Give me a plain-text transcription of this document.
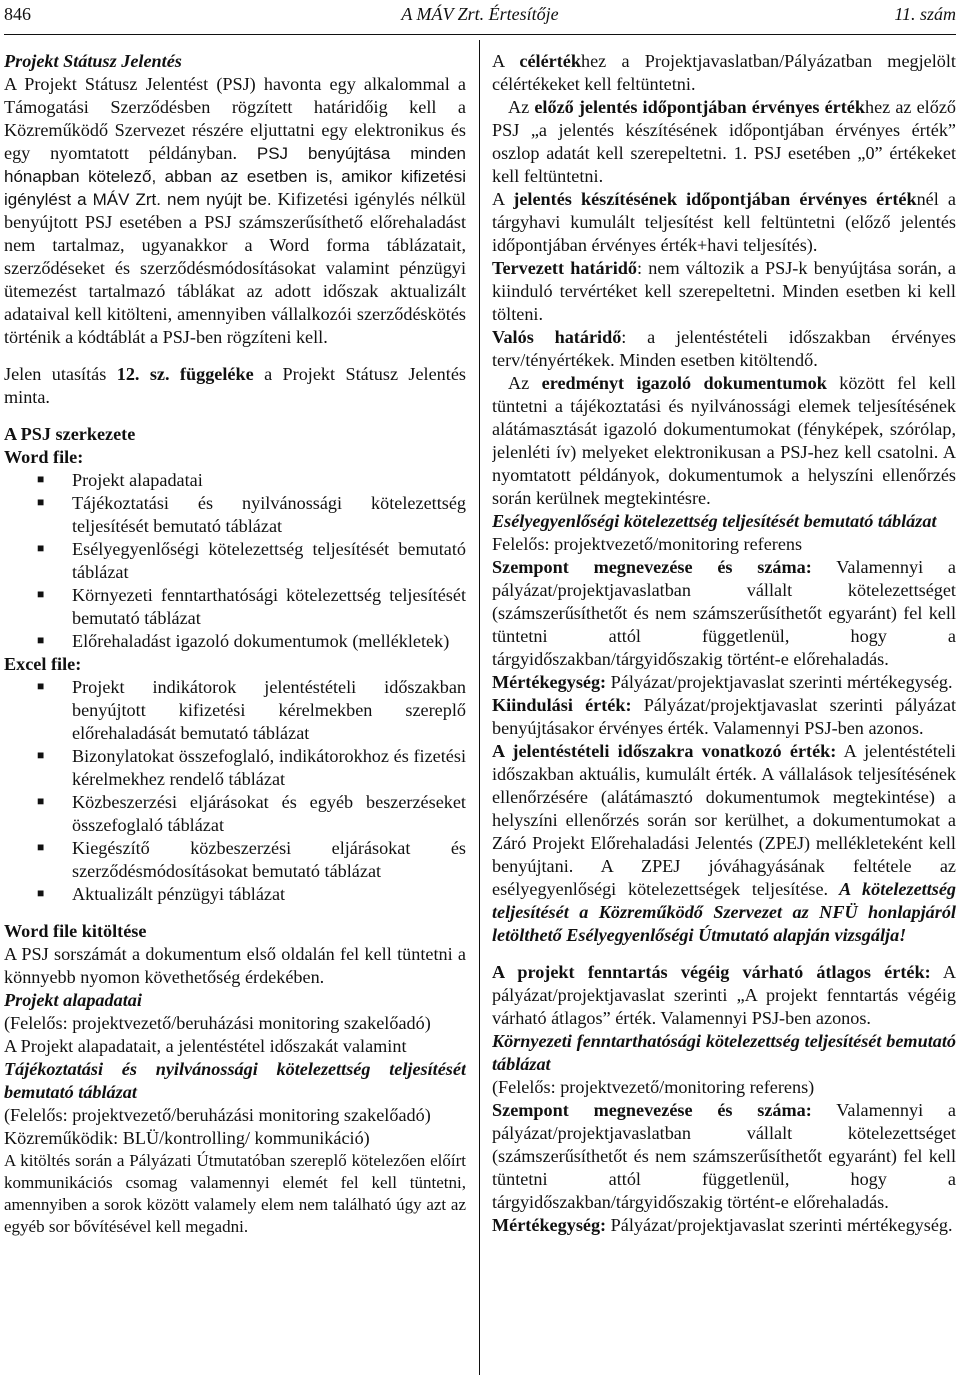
846	A MÁV Zrt. Értesítője	11. szám

Projekt Státusz Jelentés

A Projekt Státusz Jelentést (PSJ) havonta egy alkalommal a Támogatási Szerződésben rögzített határidőig kell a Közreműködő Szervezet részére eljuttatni egy elektronikus és egy nyomtatott példányban. PSJ benyújtása minden hónapban kötelező, abban az esetben is, amikor kifizetési igénylést a MÁV Zrt. nem nyújt be. Kifizetési igénylés nélkül benyújtott PSJ esetében a PSJ számszerűsíthető előrehaladást nem tartalmaz, ugyanakkor a Word forma táblázatait, szerződéseket és szerződésmódosításokat valamint pénzügyi ütemezést tartalmazó táblákat az adott időszak aktualizált adataival kell kitölteni, amennyiben vállalkozói szerződéskötés történik a kódtáblát a PSJ-ben rögzíteni kell.

Jelen utasítás 12. sz. függeléke a Projekt Státusz Jelentés minta.

A PSJ szerkezete

Word file:

■ Projekt alapadatai
■ Tájékoztatási és nyilvánossági kötelezettség teljesítését bemutató táblázat
■ Esélyegyenlőségi kötelezettség teljesítését bemutató táblázat
■ Környezeti fenntarthatósági kötelezettség teljesítését bemutató táblázat
■ Előrehaladást igazoló dokumentumok (mellékletek)

Excel file:

■ Projekt indikátorok jelentéstételi időszakban benyújtott kifizetési kérelmekben szereplő előrehaladását bemutató táblázat
■ Bizonylatokat összefoglaló, indikátorokhoz és fizetési kérelmekhez rendelő táblázat
■ Közbeszerzési eljárásokat és egyéb beszerzéseket összefoglaló táblázat
■ Kiegészítő közbeszerzési eljárásokat és szerződésmódosításokat bemutató táblázat
■ Aktualizált pénzügyi táblázat

Word file kitöltése

A PSJ sorszámát a dokumentum első oldalán fel kell tüntetni a könnyebb nyomon követhetőség érdekében.

Projekt alapadatai

(Felelős: projektvezető/beruházási monitoring szakelőadó)

A Projekt alapadatait, a jelentéstétel időszakát valamint

Tájékoztatási és nyilvánossági kötelezettség teljesítését bemutató táblázat

(Felelős: projektvezető/beruházási monitoring szakelőadó)

Közreműködik: BLÜ/kontrolling/ kommunikáció)

A kitöltés során a Pályázati Útmutatóban szereplő kötelezően előírt kommunikációs csomag valamennyi elemét fel kell tüntetni, amennyiben a sorok között valamely elem nem található úgy azt az egyéb sor bővítésével kell megadni.

A célértékhez a Projektjavaslatban/Pályázatban megjelölt célértékeket kell feltüntetni.

Az előző jelentés időpontjában érvényes értékhez az előző PSJ „a jelentés készítésének időpontjában érvényes érték” oszlop adatát kell szerepeltetni. 1. PSJ esetében „0” értékeket kell feltüntetni.

A jelentés készítésének időpontjában érvényes értéknél a tárgyhavi kumulált teljesítést kell feltüntetni (előző jelentés időpontjában érvényes érték+havi teljesítés).

Tervezett határidő: nem változik a PSJ-k benyújtása során, a kiinduló tervértéket kell szerepeltetni. Minden esetben ki kell tölteni.

Valós határidő: a jelentéstételi időszakban érvényes terv/tényértékek. Minden esetben kitöltendő.

Az eredményt igazoló dokumentumok között fel kell tüntetni a tájékoztatási és nyilvánossági elemek teljesítésének alátámasztását igazoló dokumentumokat (fényképek, szórólap, jelenléti ív) melyeket elektronikusan a PSJ-hez kell csatolni. A nyomtatott példányok, dokumentumok a helyszíni ellenőrzés során kerülnek megtekintésre.

Esélyegyenlőségi kötelezettség teljesítését bemutató táblázat

Felelős: projektvezető/monitoring referens

Szempont megnevezése és száma: Valamennyi a pályázat/projektjavaslatban vállalt kötelezettséget (számszerűsíthetőt és nem számszerűsíthetőt egyaránt) fel kell tüntetni attól függetlenül, hogy a tárgyidőszakban/tárgyidőszakig történt-e előrehaladás.

Mértékegység: Pályázat/projektjavaslat szerinti mértékegység.

Kiindulási érték: Pályázat/projektjavaslat szerinti pályázat benyújtásakor érvényes érték. Valamennyi PSJ-ben azonos.

A jelentéstételi időszakra vonatkozó érték: A jelentéstételi időszakban aktuális, kumulált érték. A vállalások teljesítésének ellenőrzésére (alátámasztó dokumentumok megtekintése) a helyszíni ellenőrzés során sor kerülhet, a dokumentumokat a Záró Projekt Előrehaladási Jelentés (ZPEJ) mellékleteként kell benyújtani. A ZPEJ jóváhagyásának feltétele az esélyegyenlőségi kötelezettségek teljesítése. A kötelezettség teljesítését a Közreműködő Szervezet az NFÜ honlapjáról letölthető Esélyegyenlőségi Útmutató alapján vizsgálja!

A projekt fenntartás végéig várható átlagos érték: A pályázat/projektjavaslat szerinti „A projekt fenntartás végéig várható átlagos” érték. Valamennyi PSJ-ben azonos.

Környezeti fenntarthatósági kötelezettség teljesítését bemutató táblázat

(Felelős: projektvezető/monitoring referens)

Szempont megnevezése és száma: Valamennyi a pályázat/projektjavaslatban vállalt kötelezettséget (számszerűsíthetőt és nem számszerűsíthetőt egyaránt) fel kell tüntetni attól függetlenül, hogy a tárgyidőszakban/tárgyidőszakig történt-e előrehaladás.

Mértékegység: Pályázat/projektjavaslat szerinti mértékegység.
